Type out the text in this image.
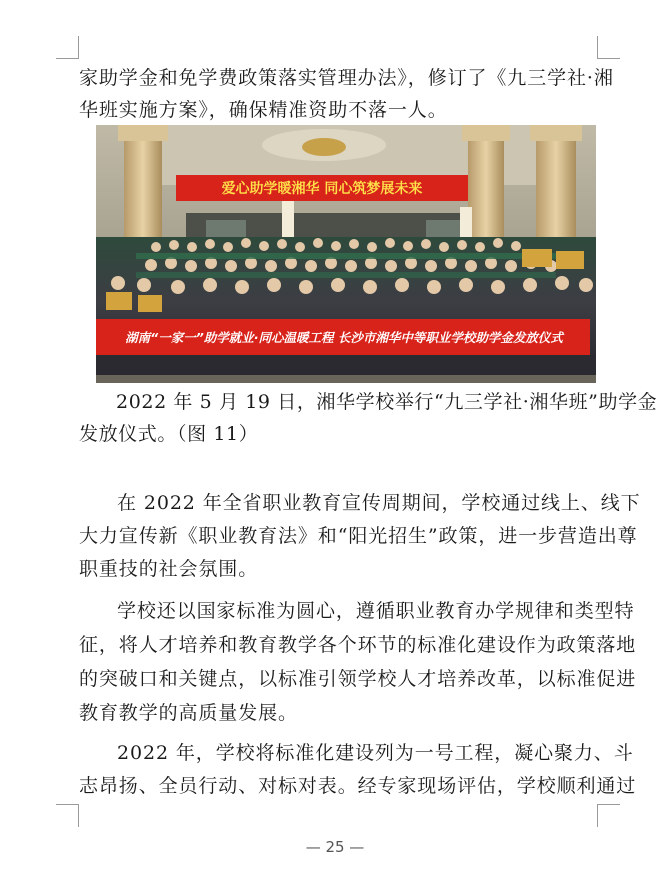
家助学金和免学费政策落实管理办法》，修订了《九三学社·湘
华班实施方案》，确保精准资助不落一人。
爱心助学暖湘华 同心筑梦展未来
湖南“一家一”助学就业·同心温暖工程 长沙市湘华中等职业学校助学金发放仪式
2022 年 5 月 19 日，湘华学校举行“九三学社·湘华班”助学金
发放仪式。（图 11）
在 2022 年全省职业教育宣传周期间，学校通过线上、线下
大力宣传新《职业教育法》和“阳光招生”政策，进一步营造出尊
职重技的社会氛围。
学校还以国家标准为圆心，遵循职业教育办学规律和类型特
征，将人才培养和教育教学各个环节的标准化建设作为政策落地
的突破口和关键点，以标准引领学校人才培养改革，以标准促进
教育教学的高质量发展。
2022 年，学校将标准化建设列为一号工程，凝心聚力、斗
志昂扬、全员行动、对标对表。经专家现场评估，学校顺利通过
— 25 —
